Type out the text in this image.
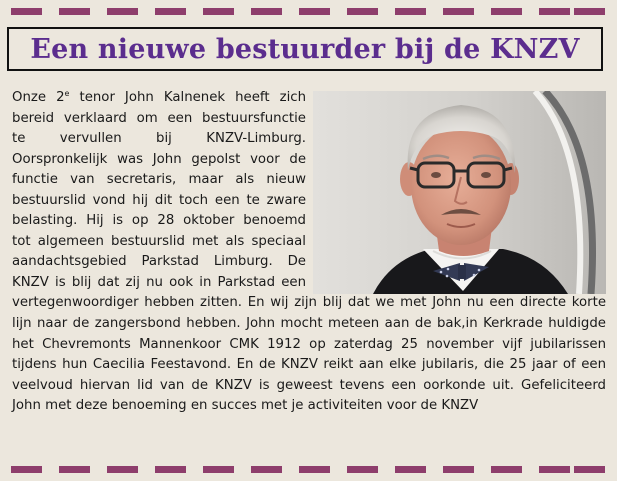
Een nieuwe bestuurder bij de KNZV

Onze 2e tenor John Kalnenek heeft zich
bereid verklaard om een bestuursfunctie
te vervullen bij KNZV-Limburg.
Oorspronkelijk was John gepolst voor de
functie van secretaris, maar als nieuw
bestuurslid vond hij dit toch een te zware
belasting. Hij is op 28 oktober benoemd
tot algemeen bestuurslid met als speciaal
aandachtsgebied Parkstad Limburg. De
KNZV is blij dat zij nu ook in Parkstad een
vertegenwoordiger hebben zitten. En wij zijn blij dat we met John nu een directe korte
lijn naar de zangersbond hebben. John mocht meteen aan de bak,in Kerkrade huldigde
het Chevremonts Mannenkoor CMK 1912 op zaterdag 25 november vijf jubilarissen
tijdens hun Caecilia Feestavond. En de KNZV reikt aan elke jubilaris, die 25 jaar of een
veelvoud hiervan lid van de KNZV is geweest tevens een oorkonde uit. Gefeliciteerd
John met deze benoeming en succes met je activiteiten voor de KNZV
